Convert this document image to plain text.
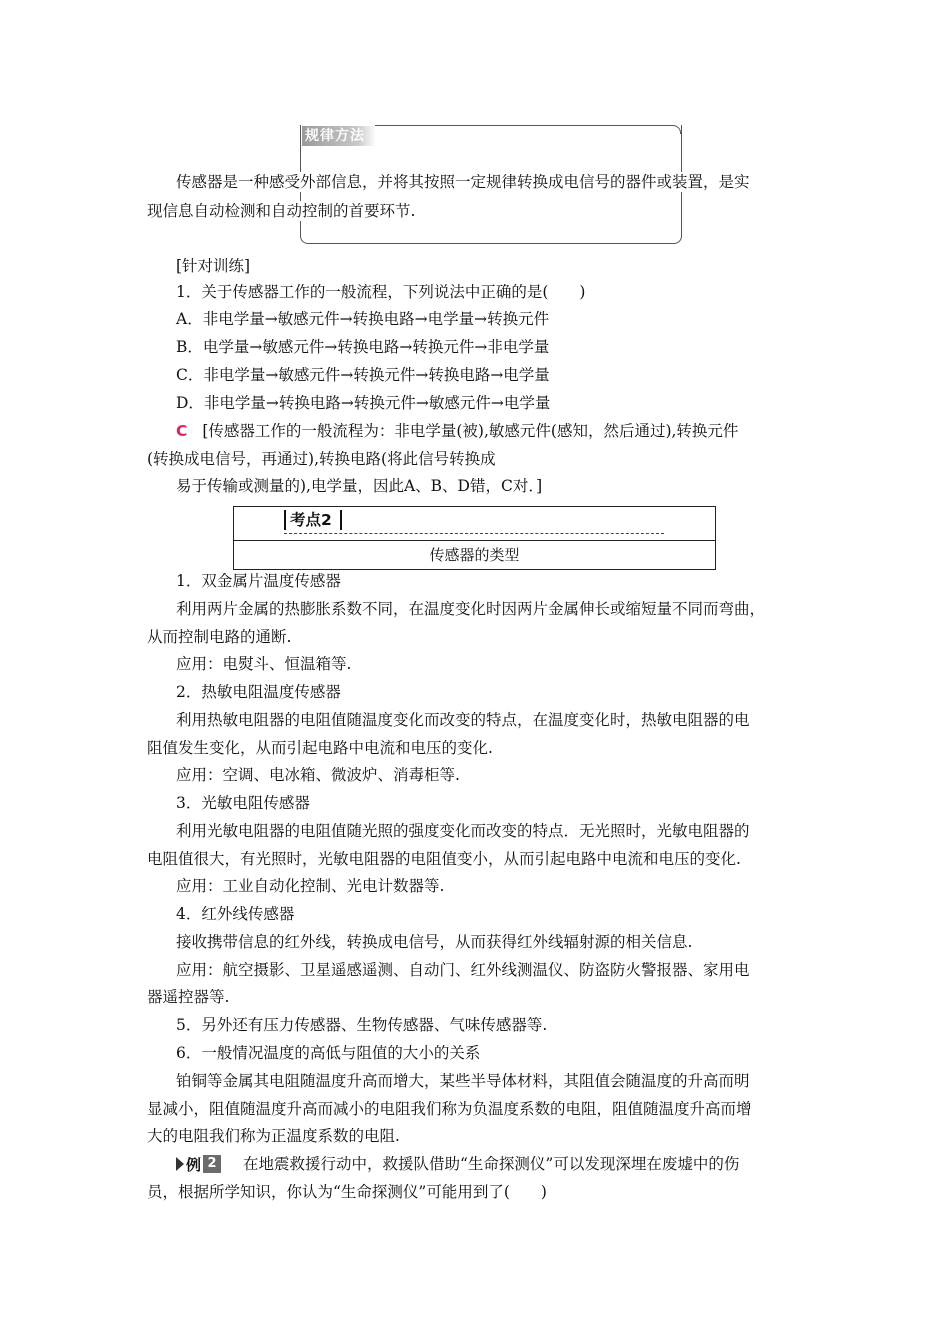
规律方法
传感器是一种感受外部信息，并将其按照一定规律转换成电信号的器件或装置，是实
现信息自动检测和自动控制的首要环节.
[针对训练]
1．关于传感器工作的一般流程，下列说法中正确的是(　　)
A．非电学量→敏感元件→转换电路→电学量→转换元件
B．电学量→敏感元件→转换电路→转换元件→非电学量
C．非电学量→敏感元件→转换元件→转换电路→电学量
D．非电学量→转换电路→转换元件→敏感元件→电学量
C [传感器工作的一般流程为：非电学量(被),敏感元件(感知，然后通过),转换元件
(转换成电信号，再通过),转换电路(将此信号转换成
易于传输或测量的),电学量，因此A、B、D错，C对．]
考点2
传感器的类型
1．双金属片温度传感器
利用两片金属的热膨胀系数不同，在温度变化时因两片金属伸长或缩短量不同而弯曲，
从而控制电路的通断.
应用：电熨斗、恒温箱等.
2．热敏电阻温度传感器
利用热敏电阻器的电阻值随温度变化而改变的特点，在温度变化时，热敏电阻器的电
阻值发生变化，从而引起电路中电流和电压的变化.
应用：空调、电冰箱、微波炉、消毒柜等.
3．光敏电阻传感器
利用光敏电阻器的电阻值随光照的强度变化而改变的特点．无光照时，光敏电阻器的
电阻值很大，有光照时，光敏电阻器的电阻值变小，从而引起电路中电流和电压的变化.
应用：工业自动化控制、光电计数器等.
4．红外线传感器
接收携带信息的红外线，转换成电信号，从而获得红外线辐射源的相关信息.
应用：航空摄影、卫星遥感遥测、自动门、红外线测温仪、防盗防火警报器、家用电
器遥控器等.
5．另外还有压力传感器、生物传感器、气味传感器等.
6．一般情况温度的高低与阻值的大小的关系
铂铜等金属其电阻随温度升高而增大，某些半导体材料，其阻值会随温度的升高而明
显减小，阻值随温度升高而减小的电阻我们称为负温度系数的电阻，阻值随温度升高而增
大的电阻我们称为正温度系数的电阻.
例 2 在地震救援行动中，救援队借助“生命探测仪”可以发现深埋在废墟中的伤
员，根据所学知识，你认为“生命探测仪”可能用到了(　　)
